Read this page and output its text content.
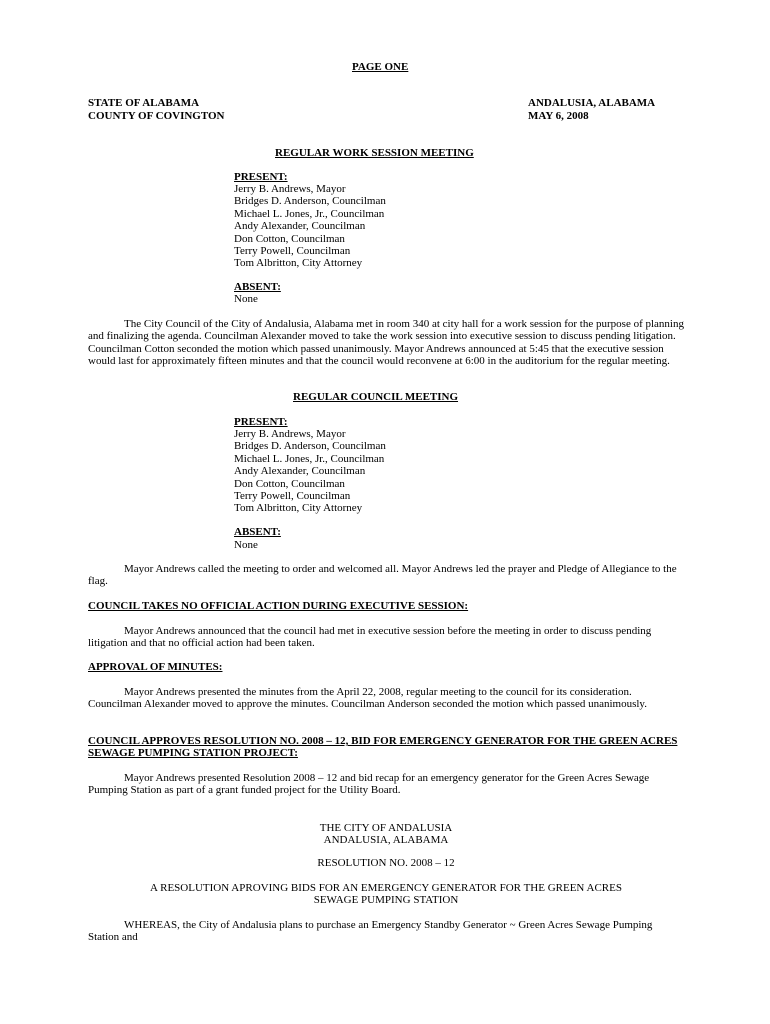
PAGE ONE
STATE OF ALABAMA
COUNTY OF COVINGTON
ANDALUSIA, ALABAMA
MAY 6, 2008
REGULAR WORK SESSION MEETING
PRESENT:
Jerry B. Andrews, Mayor
Bridges D. Anderson, Councilman
Michael L. Jones, Jr., Councilman
Andy Alexander, Councilman
Don Cotton, Councilman
Terry Powell, Councilman
Tom Albritton, City Attorney
ABSENT:
None

The City Council of the City of Andalusia, Alabama met in room 340 at city hall for a work session for the purpose of planning and finalizing the agenda. Councilman Alexander moved to take the work session into executive session to discuss pending litigation. Councilman Cotton seconded the motion which passed unanimously. Mayor Andrews announced at 5:45 that the executive session would last for approximately fifteen minutes and that the council would reconvene at 6:00 in the auditorium for the regular meeting.

REGULAR COUNCIL MEETING
PRESENT:
Jerry B. Andrews, Mayor
Bridges D. Anderson, Councilman
Michael L. Jones, Jr., Councilman
Andy Alexander, Councilman
Don Cotton, Councilman
Terry Powell, Councilman
Tom Albritton, City Attorney
ABSENT:
None

Mayor Andrews called the meeting to order and welcomed all. Mayor Andrews led the prayer and Pledge of Allegiance to the flag.

COUNCIL TAKES NO OFFICIAL ACTION DURING EXECUTIVE SESSION:

Mayor Andrews announced that the council had met in executive session before the meeting in order to discuss pending litigation and that no official action had been taken.

APPROVAL OF MINUTES:

Mayor Andrews presented the minutes from the April 22, 2008, regular meeting to the council for its consideration. Councilman Alexander moved to approve the minutes. Councilman Anderson seconded the motion which passed unanimously.

COUNCIL APPROVES RESOLUTION NO. 2008 – 12, BID FOR EMERGENCY GENERATOR FOR THE GREEN ACRES SEWAGE PUMPING STATION PROJECT:

Mayor Andrews presented Resolution 2008 – 12 and bid recap for an emergency generator for the Green Acres Sewage Pumping Station as part of a grant funded project for the Utility Board.

THE CITY OF ANDALUSIA
ANDALUSIA, ALABAMA
RESOLUTION NO. 2008 – 12
A RESOLUTION APROVING BIDS FOR AN EMERGENCY GENERATOR FOR THE GREEN ACRES
SEWAGE PUMPING STATION

WHEREAS, the City of Andalusia plans to purchase an Emergency Standby Generator ~ Green Acres Sewage Pumping Station and
